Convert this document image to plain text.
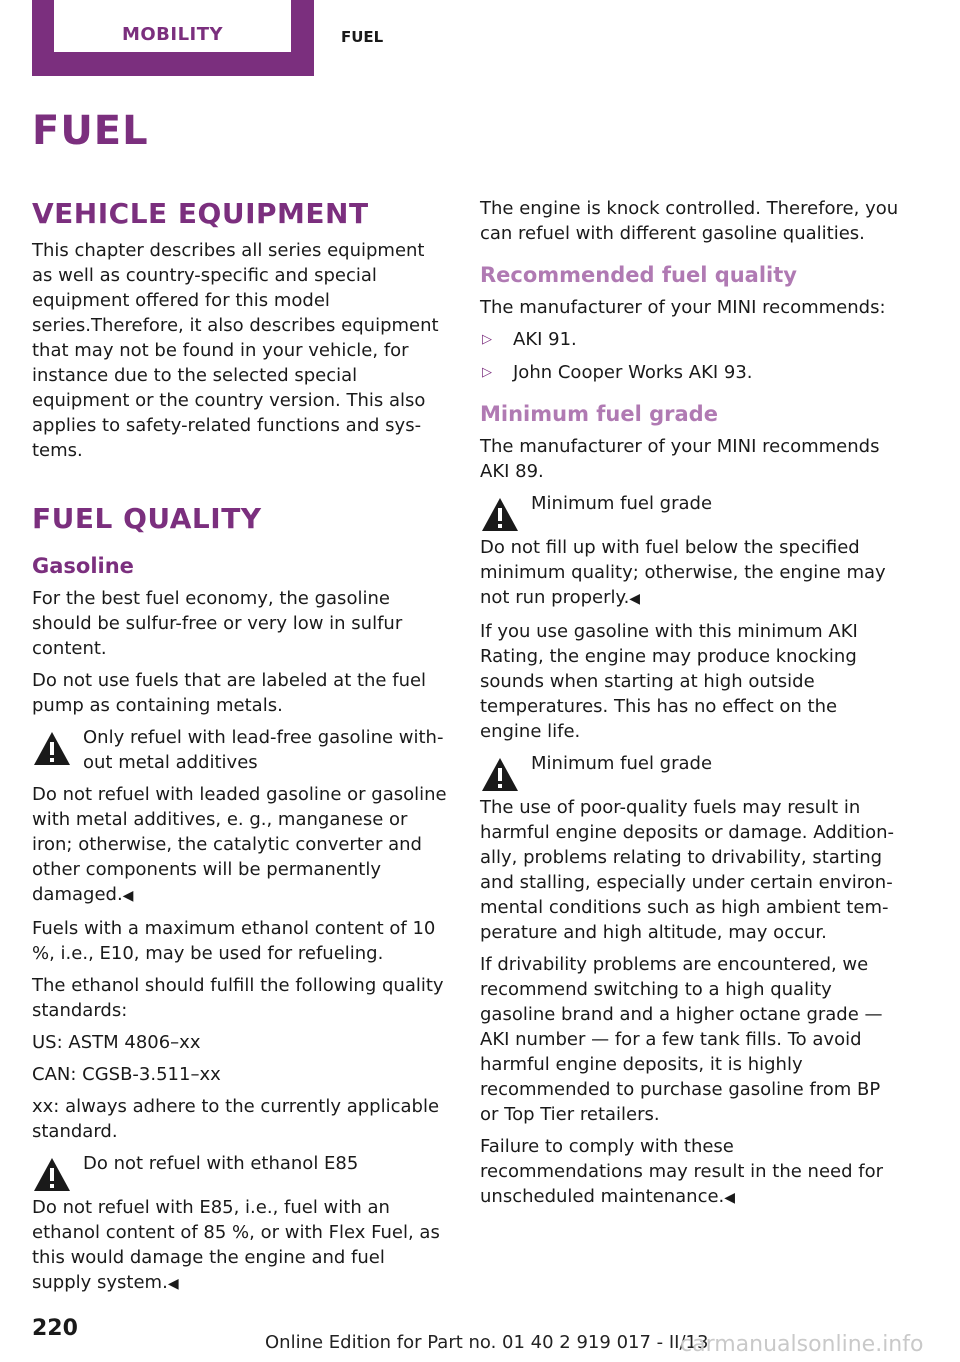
MOBILITY	FUEL
FUEL
VEHICLE EQUIPMENT

This chapter describes all series equipment as well as country-specific and special equipment offered for this model series.Therefore, it also describes equipment that may not be found in your vehicle, for instance due to the selected special equipment or the country version. This also applies to safety-related functions and systems.

FUEL QUALITY
Gasoline

For the best fuel economy, the gasoline should be sulfur-free or very low in sulfur content.

Do not use fuels that are labeled at the fuel pump as containing metals.

Only refuel with lead-free gasoline without metal additives
Do not refuel with leaded gasoline or gasoline with metal additives, e. g., manganese or iron; otherwise, the catalytic converter and other components will be permanently damaged.◀

Fuels with a maximum ethanol content of 10 %, i.e., E10, may be used for refueling.

The ethanol should fulfill the following quality standards:

US: ASTM 4806–xx

CAN: CGSB-3.511–xx

xx: always adhere to the currently applicable standard.

Do not refuel with ethanol E85
Do not refuel with E85, i.e., fuel with an ethanol content of 85 %, or with Flex Fuel, as this would damage the engine and fuel supply system.◀

The engine is knock controlled. Therefore, you can refuel with different gasoline qualities.

Recommended fuel quality

The manufacturer of your MINI recommends:

▷ AKI 91.
▷ John Cooper Works AKI 93.
Minimum fuel grade

The manufacturer of your MINI recommends AKI 89.

Minimum fuel grade
Do not fill up with fuel below the specified minimum quality; otherwise, the engine may not run properly.◀

If you use gasoline with this minimum AKI Rating, the engine may produce knocking sounds when starting at high outside temperatures. This has no effect on the engine life.

Minimum fuel grade
The use of poor-quality fuels may result in harmful engine deposits or damage. Additionally, problems relating to drivability, starting and stalling, especially under certain environmental conditions such as high ambient temperature and high altitude, may occur.

If drivability problems are encountered, we recommend switching to a high quality gasoline brand and a higher octane grade — AKI number — for a few tank fills. To avoid harmful engine deposits, it is highly recommended to purchase gasoline from BP or Top Tier retailers.

Failure to comply with these recommendations may result in the need for unscheduled maintenance.◀

220
Online Edition for Part no. 01 40 2 919 017 - II/13
carmanualsonline.info
